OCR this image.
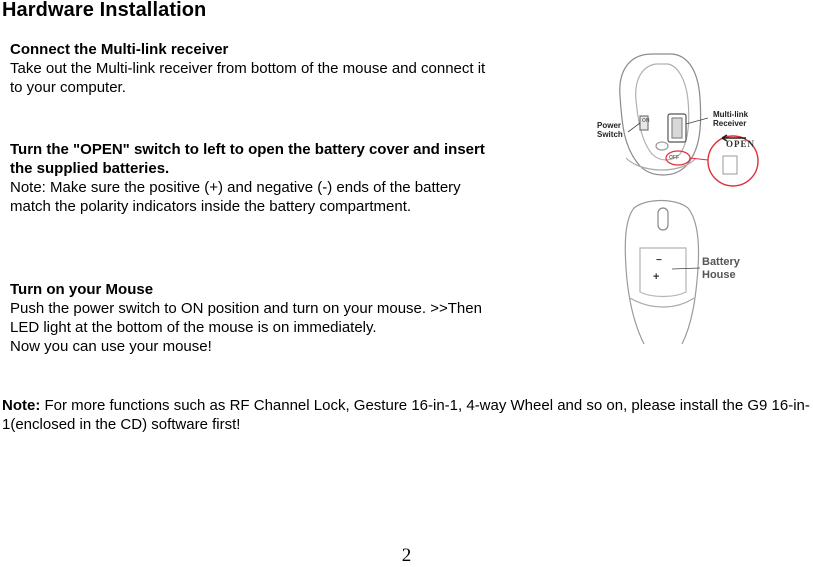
Hardware Installation
Connect the Multi-link receiver
Take out the Multi-link receiver from bottom of the mouse and connect it
to your computer.
Turn the "OPEN" switch to left to open the battery cover and insert
the supplied batteries.
Note: Make sure the positive (+) and negative (-) ends of the battery
match the polarity indicators inside the battery compartment.
Turn on your Mouse
Push the power switch to ON position and turn on your mouse. >>Then
LED light at the bottom of the mouse is on immediately.
Now you can use your mouse!
Note: For more functions such as RF Channel Lock, Gesture 16-in-1, 4-way Wheel and so on, please install the G9 16-in-1(enclosed in the CD) software first!
Power
Switch
Multi-link
Receiver
ON
OFF
OPEN
Battery
House
−
+
2
